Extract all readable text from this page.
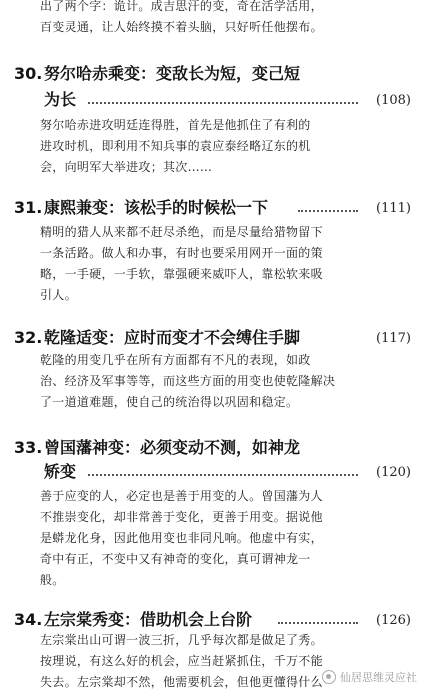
出了两个字：诡计。成吉思汗的变，奇在活学活用，
百变灵通，让人始终摸不着头脑，只好听任他摆布。
30. 努尔哈赤乘变：变敌长为短，变己短
为长	(108)
努尔哈赤进攻明廷连得胜，首先是他抓住了有利的
进攻时机，即利用不知兵事的袁应泰经略辽东的机
会，向明军大举进攻；其次……
31. 康熙兼变：该松手的时候松一下	(111)
精明的猎人从来都不赶尽杀绝，而是尽量给猎物留下
一条活路。做人和办事，有时也要采用网开一面的策
略，一手硬，一手软，靠强硬来威吓人，靠松软来吸
引人。
32. 乾隆适变：应时而变才不会缚住手脚	(117)
乾隆的用变几乎在所有方面都有不凡的表现，如政
治、经济及军事等等，而这些方面的用变也使乾隆解决
了一道道难题，使自己的统治得以巩固和稳定。
33. 曾国藩神变：必须变动不测，如神龙
矫变	(120)
善于应变的人，必定也是善于用变的人。曾国藩为人
不推崇变化，却非常善于变化，更善于用变。据说他
是蟒龙化身，因此他用变也非同凡响。他虚中有实，
奇中有正，不变中又有神奇的变化，真可谓神龙一
般。
34. 左宗棠秀变：借助机会上台阶	(126)
左宗棠出山可谓一波三折，几乎每次都是做足了秀。
按理说，有这么好的机会，应当赶紧抓住，千万不能
失去。左宗棠却不然，他需要机会，但他更懂得什么	仙居思维灵应社
